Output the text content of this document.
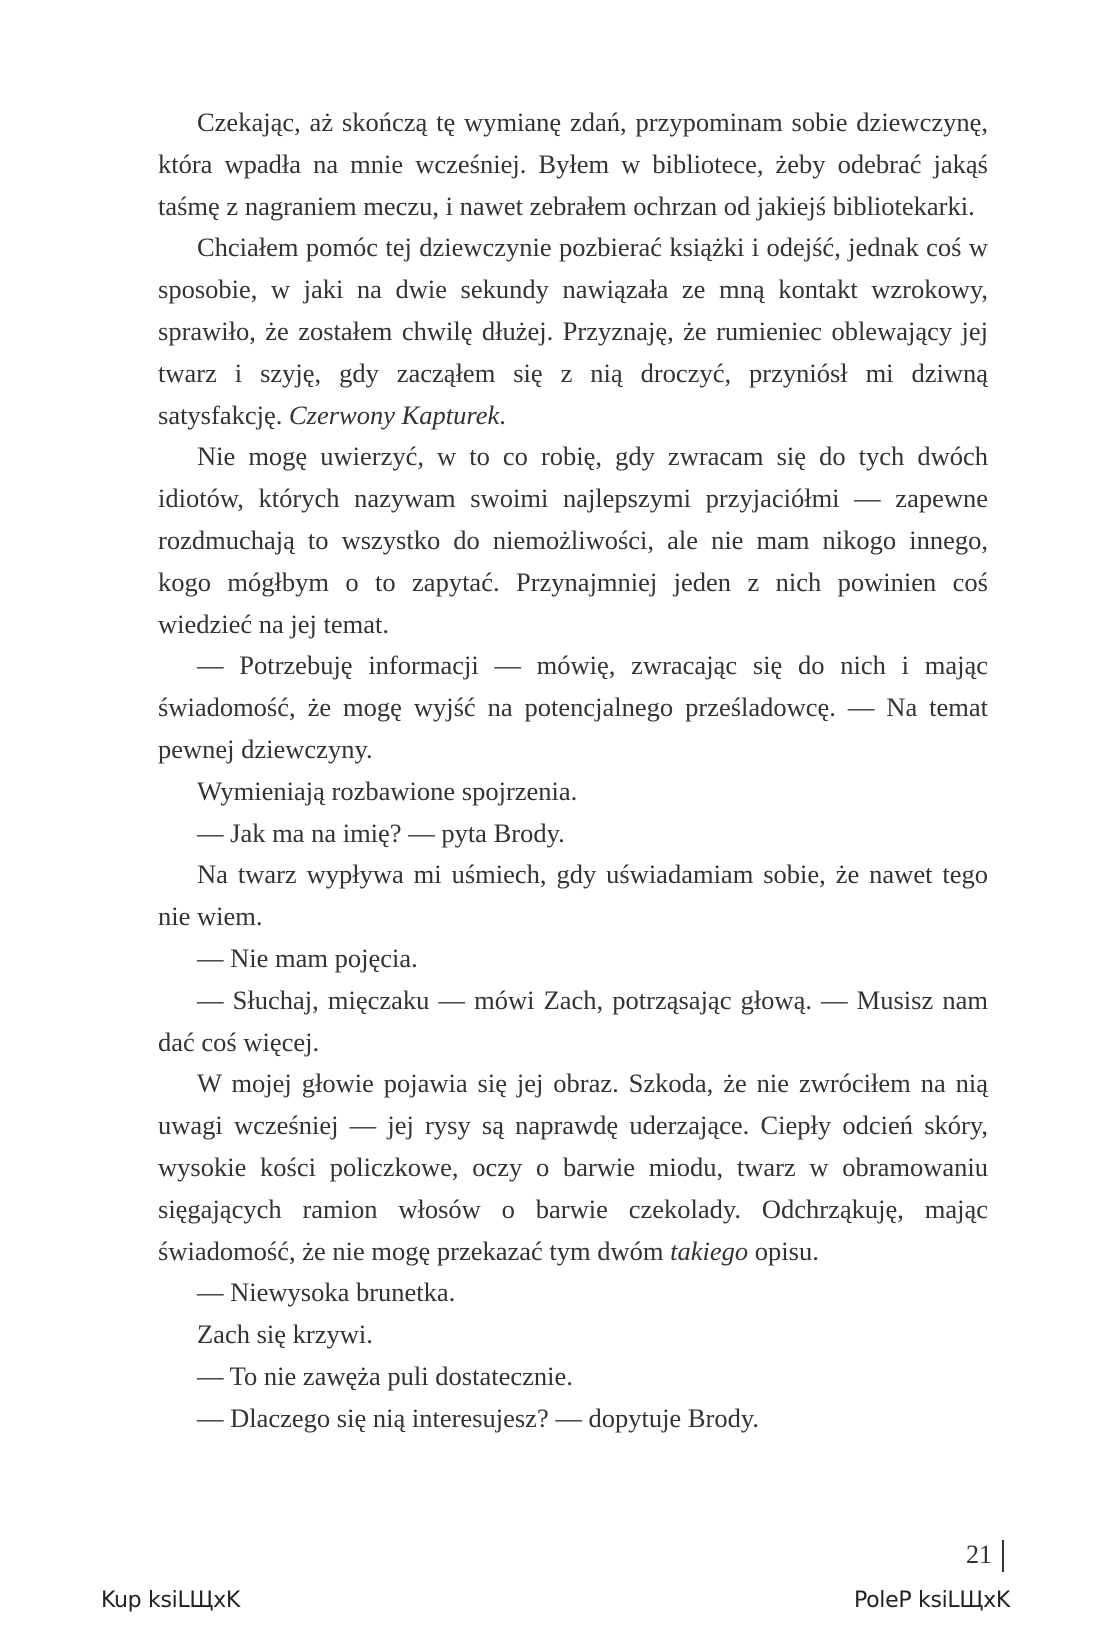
Czekając, aż skończą tę wymianę zdań, przypominam sobie dziewczynę, która wpadła na mnie wcześniej. Byłem w bibliotece, żeby odebrać jakąś taśmę z nagraniem meczu, i nawet zebrałem ochrzan od jakiejś bibliotekarki.

Chciałem pomóc tej dziewczynie pozbierać książki i odejść, jednak coś w sposobie, w jaki na dwie sekundy nawiązała ze mną kontakt wzrokowy, sprawiło, że zostałem chwilę dłużej. Przyznaję, że rumieniec oblewający jej twarz i szyję, gdy zacząłem się z nią droczyć, przyniósł mi dziwną satysfakcję. Czerwony Kapturek.

Nie mogę uwierzyć, w to co robię, gdy zwracam się do tych dwóch idiotów, których nazywam swoimi najlepszymi przyjaciółmi — zapewne rozdmuchają to wszystko do niemożliwości, ale nie mam nikogo innego, kogo mógłbym o to zapytać. Przynajmniej jeden z nich powinien coś wiedzieć na jej temat.

— Potrzebuję informacji — mówię, zwracając się do nich i mając świadomość, że mogę wyjść na potencjalnego prześladowcę. — Na temat pewnej dziewczyny.

Wymieniają rozbawione spojrzenia.

— Jak ma na imię? — pyta Brody.

Na twarz wypływa mi uśmiech, gdy uświadamiam sobie, że nawet tego nie wiem.

— Nie mam pojęcia.

— Słuchaj, mięczaku — mówi Zach, potrząsając głową. — Musisz nam dać coś więcej.

W mojej głowie pojawia się jej obraz. Szkoda, że nie zwróciłem na nią uwagi wcześniej — jej rysy są naprawdę uderzające. Ciepły odcień skóry, wysokie kości policzkowe, oczy o barwie miodu, twarz w obramowaniu sięgających ramion włosów o barwie czekolady. Odchrząkuję, mając świadomość, że nie mogę przekazać tym dwóm takiego opisu.

— Niewysoka brunetka.

Zach się krzywi.

— To nie zawęża puli dostatecznie.

— Dlaczego się nią interesujesz? — dopytuje Brody.

21
Kup ksiLЩxK	PoleP ksiLЩxK
